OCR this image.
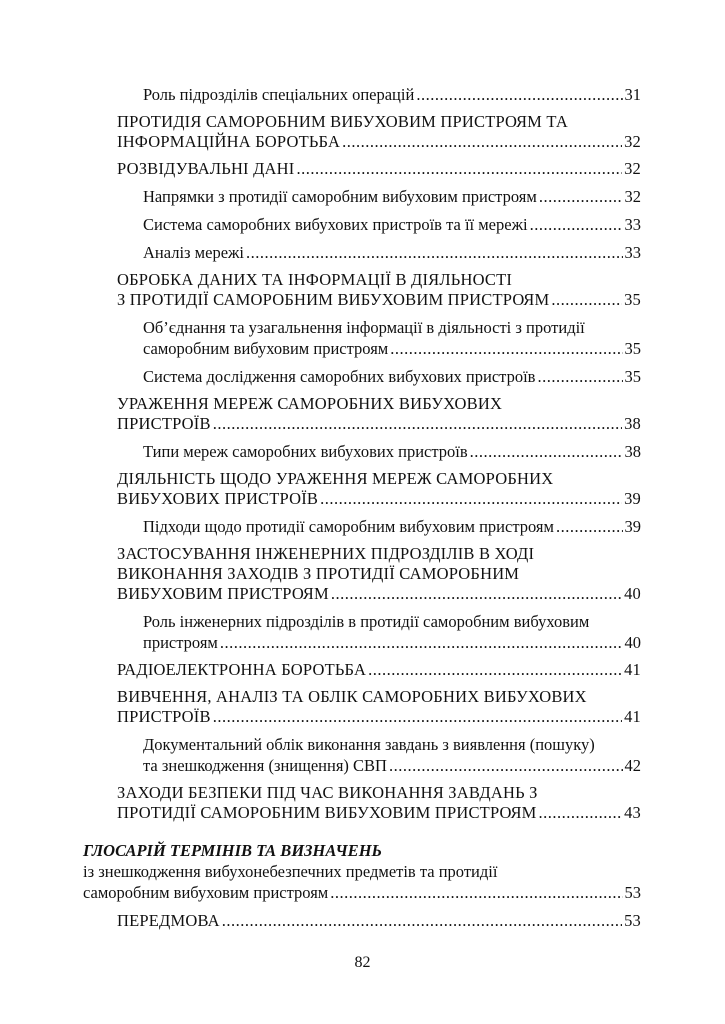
Роль підрозділів спеціальних операцій .....	31
ПРОТИДІЯ САМОРОБНИМ ВИБУХОВИМ ПРИСТРОЯМ ТА
ІНФОРМАЦІЙНА БОРОТЬБА .....	32
РОЗВІДУВАЛЬНІ ДАНІ .....	32
Напрямки з протидії саморобним вибуховим пристроям .....	32
Система саморобних вибухових пристроїв та її мережі .....	33
Аналіз мережі .....	33
ОБРОБКА ДАНИХ ТА ІНФОРМАЦІЇ В ДІЯЛЬНОСТІ
З ПРОТИДІЇ САМОРОБНИМ ВИБУХОВИМ ПРИСТРОЯМ .....	35
Об’єднання та узагальнення інформації в діяльності з протидії
саморобним вибуховим пристроям .....	35
Система дослідження саморобних вибухових пристроїв .....	35
УРАЖЕННЯ МЕРЕЖ САМОРОБНИХ ВИБУХОВИХ
ПРИСТРОЇВ .....	38
Типи мереж саморобних вибухових пристроїв .....	38
ДІЯЛЬНІСТЬ ЩОДО УРАЖЕННЯ МЕРЕЖ САМОРОБНИХ
ВИБУХОВИХ ПРИСТРОЇВ .....	39
Підходи щодо протидії саморобним вибуховим пристроям .....	39
ЗАСТОСУВАННЯ ІНЖЕНЕРНИХ ПІДРОЗДІЛІВ В ХОДІ
ВИКОНАННЯ ЗАХОДІВ З ПРОТИДІЇ САМОРОБНИМ
ВИБУХОВИМ ПРИСТРОЯМ .....	40
Роль інженерних підрозділів в протидії саморобним вибуховим
пристроям .....	40
РАДІОЕЛЕКТРОННА БОРОТЬБА .....	41
ВИВЧЕННЯ, АНАЛІЗ ТА ОБЛІК САМОРОБНИХ ВИБУХОВИХ
ПРИСТРОЇВ .....	41
Документальний облік виконання завдань з виявлення (пошуку)
та знешкодження (знищення) СВП .....	42
ЗАХОДИ БЕЗПЕКИ ПІД ЧАС ВИКОНАННЯ ЗАВДАНЬ З
ПРОТИДІЇ САМОРОБНИМ ВИБУХОВИМ ПРИСТРОЯМ .....	43
ГЛОСАРІЙ ТЕРМІНІВ ТА ВИЗНАЧЕНЬ
із знешкодження вибухонебезпечних предметів та протидії
саморобним вибуховим пристроям .....	53
ПЕРЕДМОВА .....	53
82
